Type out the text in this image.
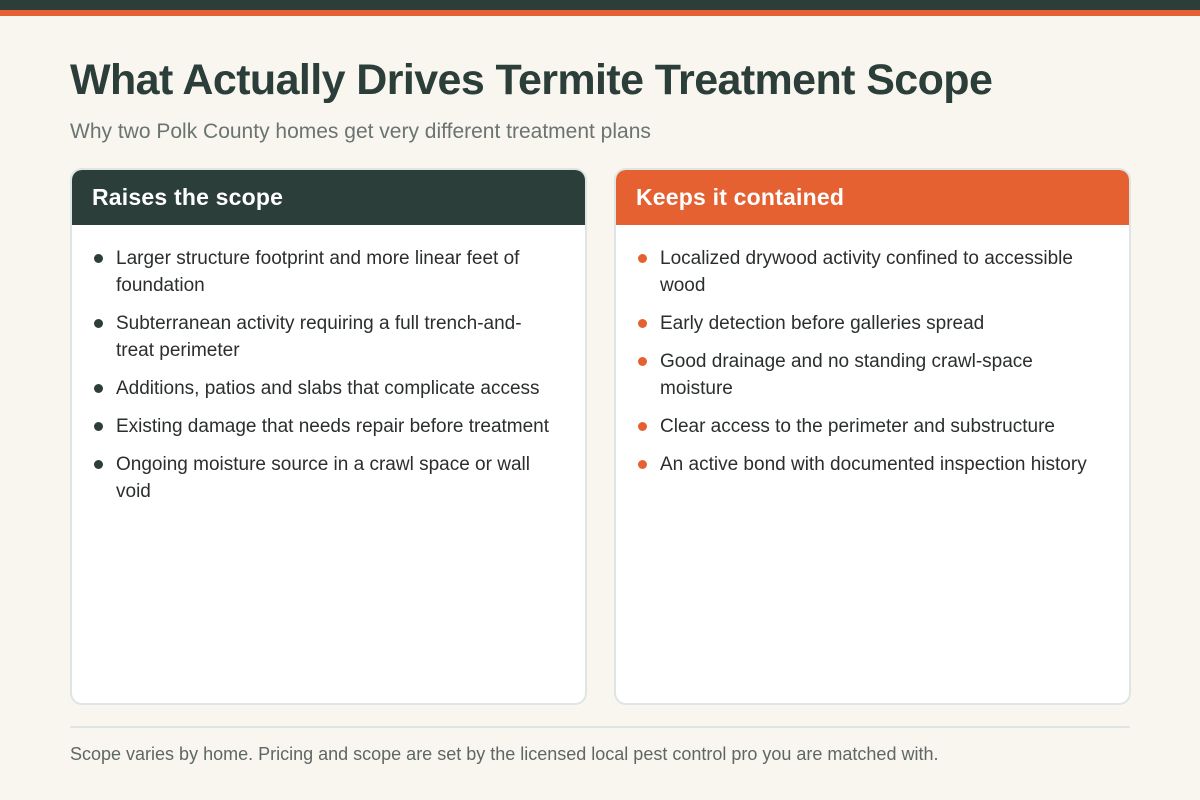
What Actually Drives Termite Treatment Scope

Why two Polk County homes get very different treatment plans

Raises the scope
Larger structure footprint and more linear feet of foundation
Subterranean activity requiring a full trench-and-treat perimeter
Additions, patios and slabs that complicate access
Existing damage that needs repair before treatment
Ongoing moisture source in a crawl space or wall void
Keeps it contained
Localized drywood activity confined to accessible wood
Early detection before galleries spread
Good drainage and no standing crawl-space moisture
Clear access to the perimeter and substructure
An active bond with documented inspection history

Scope varies by home. Pricing and scope are set by the licensed local pest control pro you are matched with.
